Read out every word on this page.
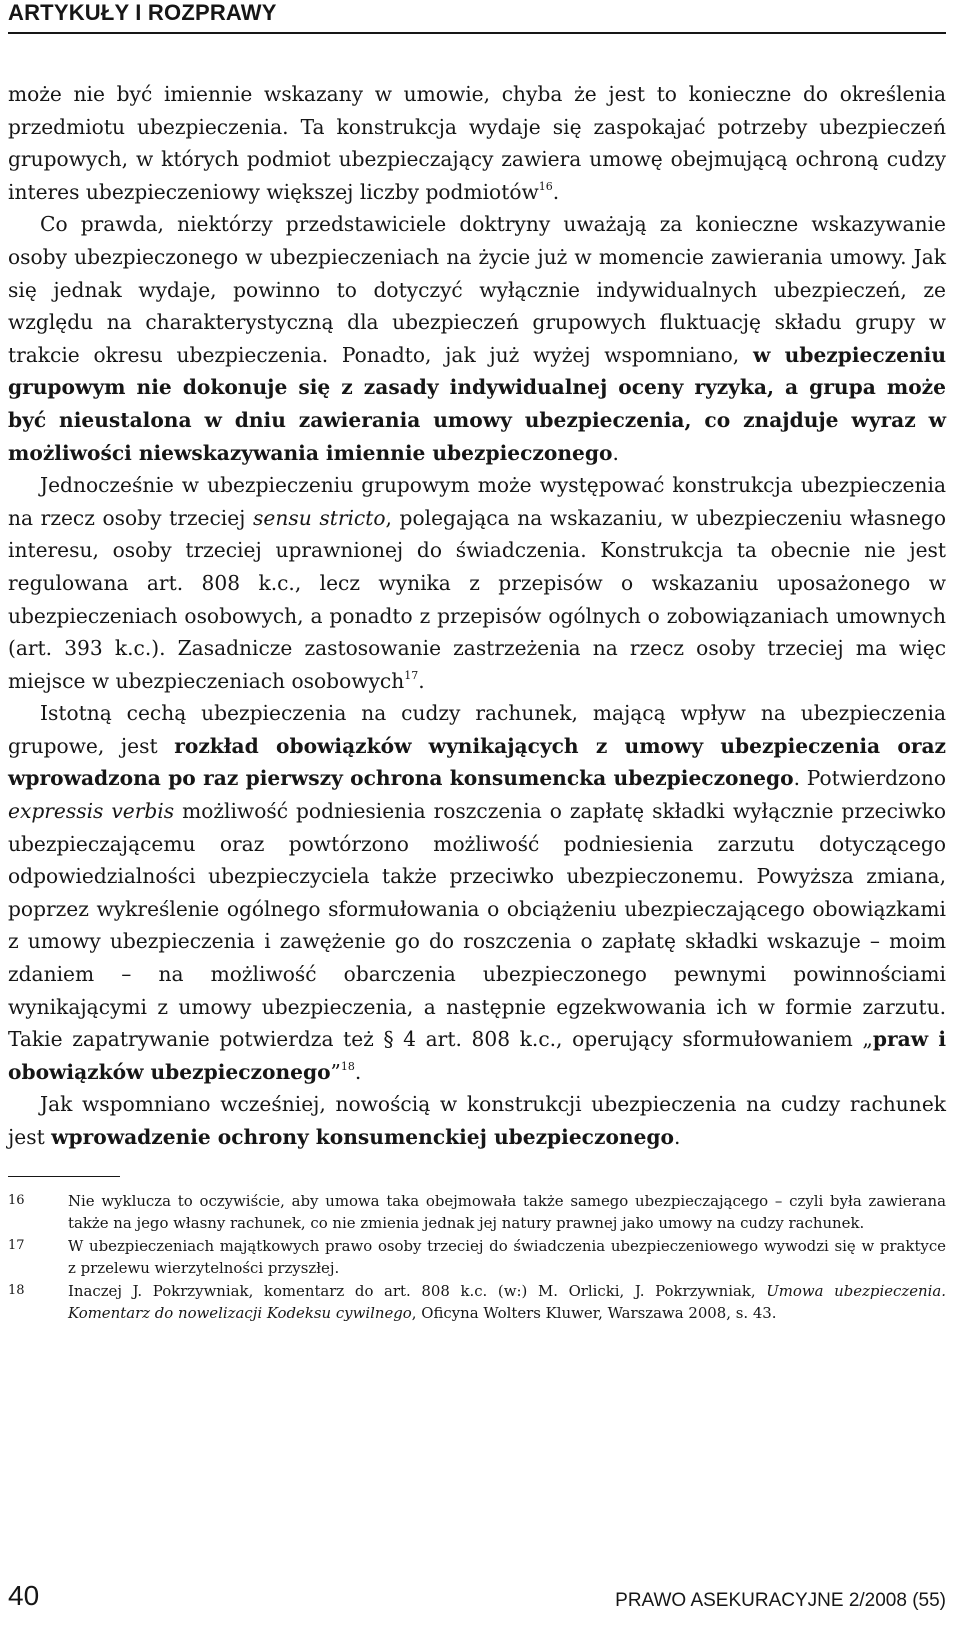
ARTYKUŁY I ROZPRAWY

może nie być imiennie wskazany w umowie, chyba że jest to konieczne do określenia przedmiotu ubezpieczenia. Ta konstrukcja wydaje się zaspokajać potrzeby ubezpieczeń grupowych, w których podmiot ubezpieczający zawiera umowę obejmującą ochroną cudzy interes ubezpieczeniowy większej liczby podmiotów$^{16}$.

Co prawda, niektórzy przedstawiciele doktryny uważają za konieczne wskazywanie osoby ubezpieczonego w ubezpieczeniach na życie już w momencie zawierania umowy. Jak się jednak wydaje, powinno to dotyczyć wyłącznie indywidualnych ubezpieczeń, ze względu na charakterystyczną dla ubezpieczeń grupowych fluktuację składu grupy w trakcie okresu ubezpieczenia. Ponadto, jak już wyżej wspomniano, w ubezpieczeniu grupowym nie dokonuje się z zasady indywidualnej oceny ryzyka, a grupa może być nieustalona w dniu zawierania umowy ubezpieczenia, co znajduje wyraz w możliwości niewskazywania imiennie ubezpieczonego.

Jednocześnie w ubezpieczeniu grupowym może występować konstrukcja ubezpieczenia na rzecz osoby trzeciej sensu stricto, polegająca na wskazaniu, w ubezpieczeniu własnego interesu, osoby trzeciej uprawnionej do świadczenia. Konstrukcja ta obecnie nie jest regulowana art. 808 k.c., lecz wynika z przepisów o wskazaniu uposażonego w ubezpieczeniach osobowych, a ponadto z przepisów ogólnych o zobowiązaniach umownych (art. 393 k.c.). Zasadnicze zastosowanie zastrzeżenia na rzecz osoby trzeciej ma więc miejsce w ubezpieczeniach osobowych$^{17}$.

Istotną cechą ubezpieczenia na cudzy rachunek, mającą wpływ na ubezpieczenia grupowe, jest rozkład obowiązków wynikających z umowy ubezpieczenia oraz wprowadzona po raz pierwszy ochrona konsumencka ubezpieczonego. Potwierdzono expressis verbis możliwość podniesienia roszczenia o zapłatę składki wyłącznie przeciwko ubezpieczającemu oraz powtórzono możliwość podniesienia zarzutu dotyczącego odpowiedzialności ubezpieczyciela także przeciwko ubezpieczonemu. Powyższa zmiana, poprzez wykreślenie ogólnego sformułowania o obciążeniu ubezpieczającego obowiązkami z umowy ubezpieczenia i zawężenie go do roszczenia o zapłatę składki wskazuje – moim zdaniem – na możliwość obarczenia ubezpieczonego pewnymi powinnościami wynikającymi z umowy ubezpieczenia, a następnie egzekwowania ich w formie zarzutu. Takie zapatrywanie potwierdza też § 4 art. 808 k.c., operujący sformułowaniem „praw i obowiązków ubezpieczonego”$^{18}$.

Jak wspomniano wcześniej, nowością w konstrukcji ubezpieczenia na cudzy rachunek jest wprowadzenie ochrony konsumenckiej ubezpieczonego.

16	Nie wyklucza to oczywiście, aby umowa taka obejmowała także samego ubezpieczającego – czyli była zawierana także na jego własny rachunek, co nie zmienia jednak jej natury prawnej jako umowy na cudzy rachunek.
17	W ubezpieczeniach majątkowych prawo osoby trzeciej do świadczenia ubezpieczeniowego wywodzi się w praktyce z przelewu wierzytelności przyszłej.
18	Inaczej J. Pokrzywniak, komentarz do art. 808 k.c. (w:) M. Orlicki, J. Pokrzywniak, Umowa ubezpieczenia. Komentarz do nowelizacji Kodeksu cywilnego, Oficyna Wolters Kluwer, Warszawa 2008, s. 43.
40	PRAWO ASEKURACYJNE 2/2008 (55)
